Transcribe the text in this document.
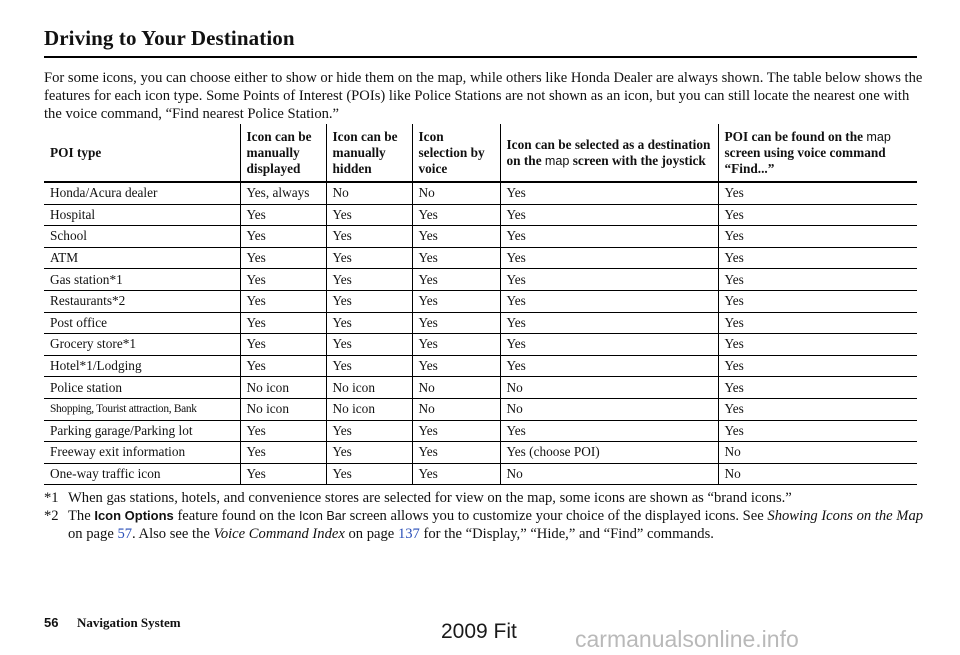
Driving to Your Destination
For some icons, you can choose either to show or hide them on the map, while others like Honda Dealer are always shown. The table below shows the features for each icon type. Some Points of Interest (POIs) like Police Stations are not shown as an icon, but you can still locate the nearest one with the voice command, “Find nearest Police Station.”
POI type	Icon can be manually displayed	Icon can be manually hidden	Icon selection by voice	Icon can be selected as a destination on the map screen with the joystick	POI can be found on the map screen using voice command “Find...”
Honda/Acura dealer	Yes, always	No	No	Yes	Yes
Hospital	Yes	Yes	Yes	Yes	Yes
School	Yes	Yes	Yes	Yes	Yes
ATM	Yes	Yes	Yes	Yes	Yes
Gas station*1	Yes	Yes	Yes	Yes	Yes
Restaurants*2	Yes	Yes	Yes	Yes	Yes
Post office	Yes	Yes	Yes	Yes	Yes
Grocery store*1	Yes	Yes	Yes	Yes	Yes
Hotel*1/Lodging	Yes	Yes	Yes	Yes	Yes
Police station	No icon	No icon	No	No	Yes
Shopping, Tourist attraction, Bank	No icon	No icon	No	No	Yes
Parking garage/Parking lot	Yes	Yes	Yes	Yes	Yes
Freeway exit information	Yes	Yes	Yes	Yes (choose POI)	No
One-way traffic icon	Yes	Yes	Yes	No	No
*1 When gas stations, hotels, and convenience stores are selected for view on the map, some icons are shown as “brand icons.”
*2 The Icon Options feature found on the Icon Bar screen allows you to customize your choice of the displayed icons. See Showing Icons on the Map on page 57. Also see the Voice Command Index on page 137 for the “Display,” “Hide,” and “Find” commands.
56 Navigation System
carmanualsonline.info
2009 Fit
